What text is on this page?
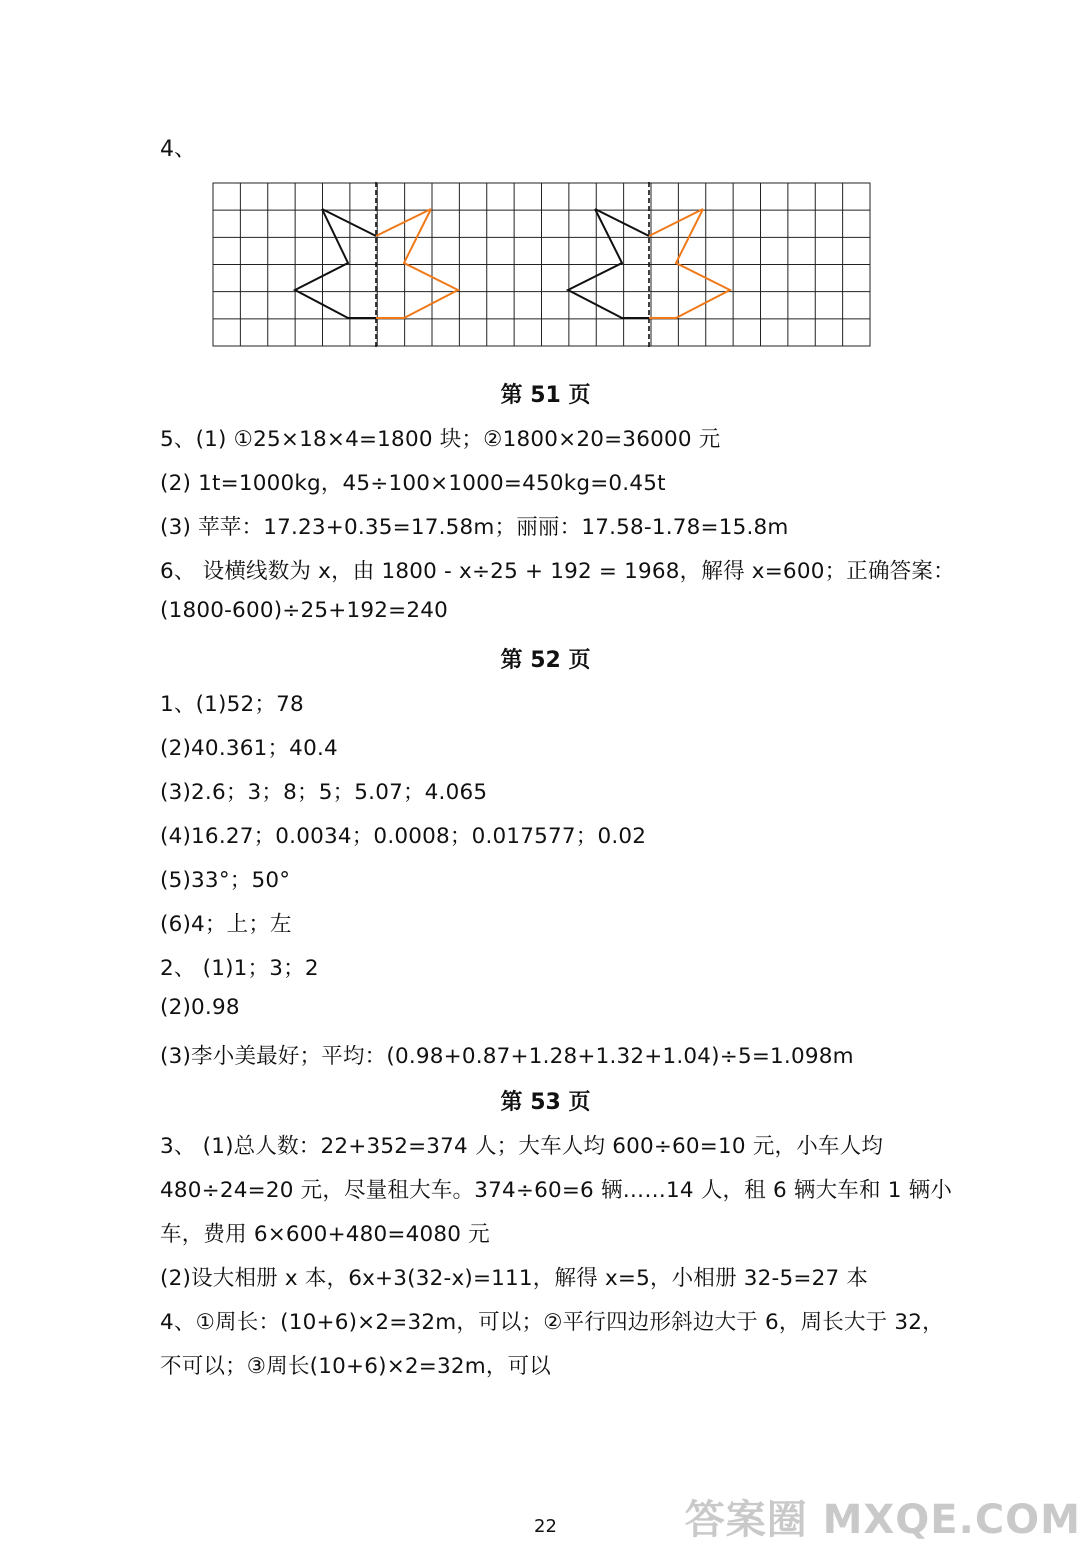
4、
第 51 页
5、(1) ①25×18×4=1800 块；②1800×20=36000 元
(2) 1t=1000kg，45÷100×1000=450kg=0.45t
(3) 苹苹：17.23+0.35=17.58m；丽丽：17.58-1.78=15.8m
6、 设横线数为 x，由 1800 - x÷25 + 192 = 1968，解得 x=600；正确答案：
(1800-600)÷25+192=240
第 52 页
1、(1)52；78
(2)40.361；40.4
(3)2.6；3；8；5；5.07；4.065
(4)16.27；0.0034；0.0008；0.017577；0.02
(5)33°；50°
(6)4；上；左
2、 (1)1；3；2
(2)0.98
(3)李小美最好；平均：(0.98+0.87+1.28+1.32+1.04)÷5=1.098m
第 53 页
3、 (1)总人数：22+352=374 人；大车人均 600÷60=10 元，小车人均
480÷24=20 元，尽量租大车。374÷60=6 辆……14 人，租 6 辆大车和 1 辆小
车，费用 6×600+480=4080 元
(2)设大相册 x 本，6x+3(32-x)=111，解得 x=5，小相册 32-5=27 本
4、①周长：(10+6)×2=32m，可以；②平行四边形斜边大于 6，周长大于 32，
不可以；③周长(10+6)×2=32m，可以
答案圈 MXQE.COM
22
